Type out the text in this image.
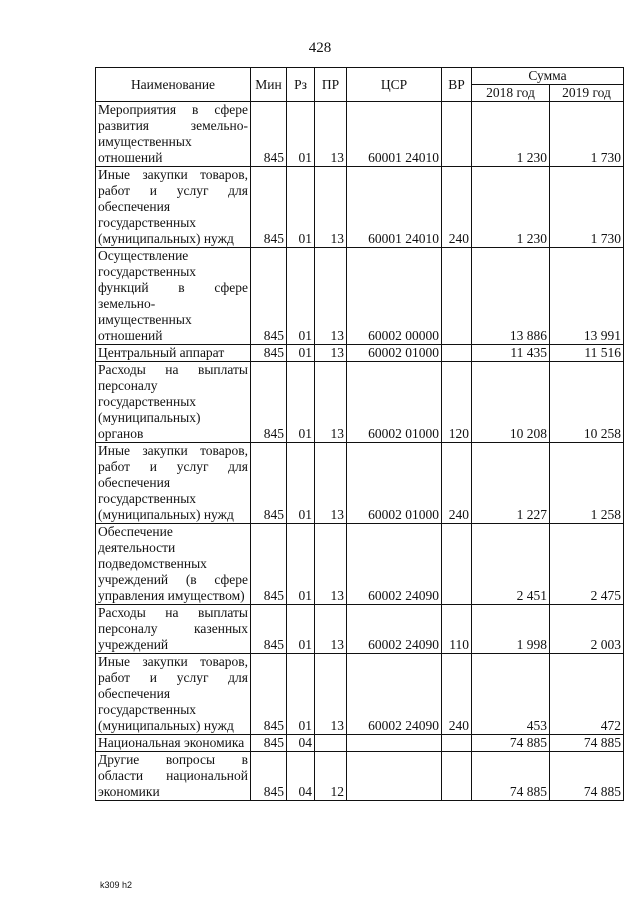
428
Наименование	Мин	Рз	ПР	ЦСР	ВР	Сумма	
						2018 год	2019 год
Мероприятия в сфере развития земельно-имущественных отношений	845	01	13	60001 24010		1 230	1 730
Иные закупки товаров, работ и услуг для обеспечения государственных (муниципальных) нужд	845	01	13	60001 24010	240	1 230	1 730
Осуществление государственных функций в сфере земельно-имущественных отношений	845	01	13	60002 00000		13 886	13 991
Центральный аппарат	845	01	13	60002 01000		11 435	11 516
Расходы на выплаты персоналу государственных (муниципальных) органов	845	01	13	60002 01000	120	10 208	10 258
Иные закупки товаров, работ и услуг для обеспечения государственных (муниципальных) нужд	845	01	13	60002 01000	240	1 227	1 258
Обеспечение деятельности подведомственных учреждений (в сфере управления имуществом)	845	01	13	60002 24090		2 451	2 475
Расходы на выплаты персоналу казенных учреждений	845	01	13	60002 24090	110	1 998	2 003
Иные закупки товаров, работ и услуг для обеспечения государственных (муниципальных) нужд	845	01	13	60002 24090	240	453	472
Национальная экономика	845	04				74 885	74 885
Другие вопросы в области национальной экономики	845	04	12			74 885	74 885
k309 h2
